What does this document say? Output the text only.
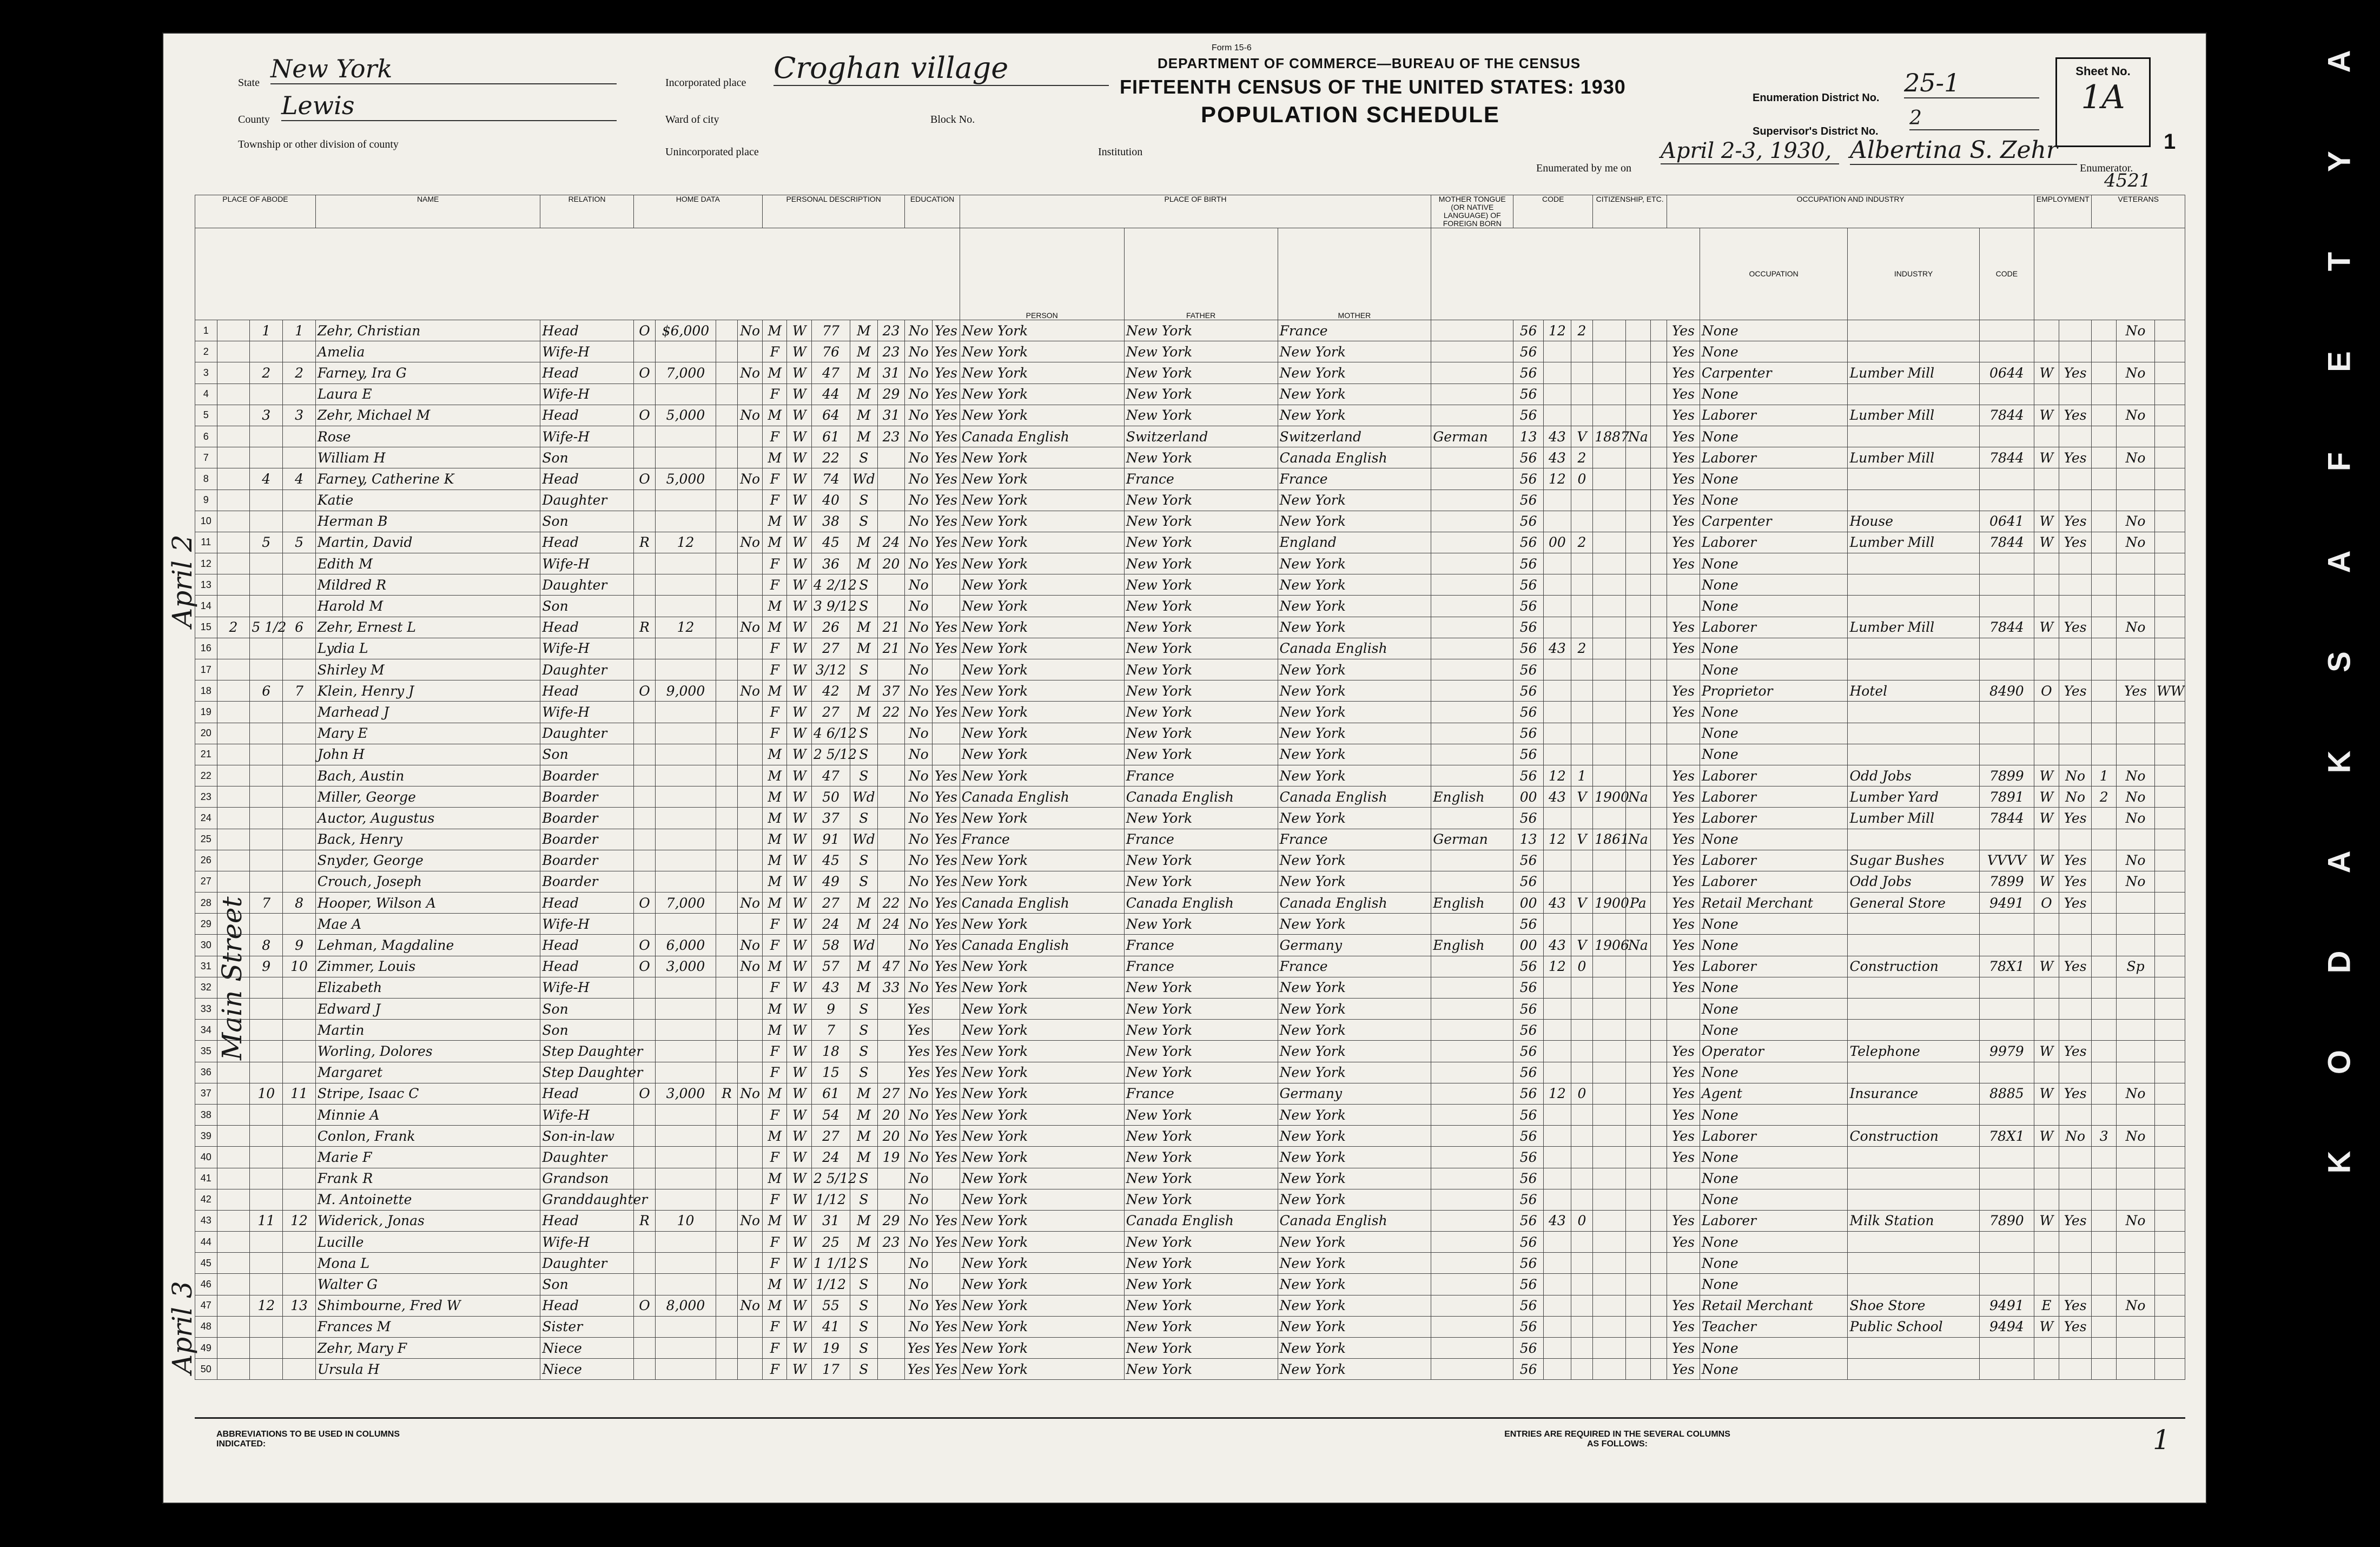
Form 15-6
DEPARTMENT OF COMMERCE—BUREAU OF THE CENSUS
FIFTEENTH CENSUS OF THE UNITED STATES: 1930
POPULATION SCHEDULE
State New York
County Lewis
Township or other division of county
Incorporated place Croghan village
Ward of city	Block No.
Unincorporated place	Institution
Enumeration District No.
25-1
Supervisor's District No.
2
Sheet No.
1A
1
Enumerated by me on
April 2-3, 1930, Albertina S. Zehr
Enumerator.
4521
April 2
April 3
Main Street
PLACE OF ABODE				NAME	RELATION	HOME DATA				PERSONAL DESCRIPTION					EDUCATION		PLACE OF BIRTH			MOTHER TONGUE (OR NATIVE LANGUAGE) OF FOREIGN BORN	CODE			CITIZENSHIP, ETC.			OCCUPATION AND INDUSTRY				EMPLOYMENT		VETERANS		
																	PERSON	FATHER	MOTHER									OCCUPATION	INDUSTRY	CODE					
1		1	1	Zehr, Christian	Head	O	$6,000		No	M	W	77	M	23	No	Yes	New York	New York	France		56	12	2				Yes	None						No	
2				Amelia	Wife-H					F	W	76	M	23	No	Yes	New York	New York	New York		56						Yes	None							
3		2	2	Farney, Ira G	Head	O	7,000		No	M	W	47	M	31	No	Yes	New York	New York	New York		56						Yes	Carpenter	Lumber Mill	0644	W	Yes		No	
4				Laura E	Wife-H					F	W	44	M	29	No	Yes	New York	New York	New York		56						Yes	None							
5		3	3	Zehr, Michael M	Head	O	5,000		No	M	W	64	M	31	No	Yes	New York	New York	New York		56						Yes	Laborer	Lumber Mill	7844	W	Yes		No	
6				Rose	Wife-H					F	W	61	M	23	No	Yes	Canada English	Switzerland	Switzerland	German	13	43	V	1887	Na		Yes	None							
7				William H	Son					M	W	22	S		No	Yes	New York	New York	Canada English		56	43	2				Yes	Laborer	Lumber Mill	7844	W	Yes		No	
8		4	4	Farney, Catherine K	Head	O	5,000		No	F	W	74	Wd		No	Yes	New York	France	France		56	12	0				Yes	None							
9				Katie	Daughter					F	W	40	S		No	Yes	New York	New York	New York		56						Yes	None							
10				Herman B	Son					M	W	38	S		No	Yes	New York	New York	New York		56						Yes	Carpenter	House	0641	W	Yes		No	
11		5	5	Martin, David	Head	R	12		No	M	W	45	M	24	No	Yes	New York	New York	England		56	00	2				Yes	Laborer	Lumber Mill	7844	W	Yes		No	
12				Edith M	Wife-H					F	W	36	M	20	No	Yes	New York	New York	New York		56						Yes	None							
13				Mildred R	Daughter					F	W	4 2/12	S		No		New York	New York	New York		56							None							
14				Harold M	Son					M	W	3 9/12	S		No		New York	New York	New York		56							None							
15	2	5 1/2	6	Zehr, Ernest L	Head	R	12		No	M	W	26	M	21	No	Yes	New York	New York	New York		56						Yes	Laborer	Lumber Mill	7844	W	Yes		No	
16				Lydia L	Wife-H					F	W	27	M	21	No	Yes	New York	New York	Canada English		56	43	2				Yes	None							
17				Shirley M	Daughter					F	W	3/12	S		No		New York	New York	New York		56							None							
18		6	7	Klein, Henry J	Head	O	9,000		No	M	W	42	M	37	No	Yes	New York	New York	New York		56						Yes	Proprietor	Hotel	8490	O	Yes		Yes	WW
19				Marhead J	Wife-H					F	W	27	M	22	No	Yes	New York	New York	New York		56						Yes	None							
20				Mary E	Daughter					F	W	4 6/12	S		No		New York	New York	New York		56							None							
21				John H	Son					M	W	2 5/12	S		No		New York	New York	New York		56							None							
22				Bach, Austin	Boarder					M	W	47	S		No	Yes	New York	France	New York		56	12	1				Yes	Laborer	Odd Jobs	7899	W	No	1	No	
23				Miller, George	Boarder					M	W	50	Wd		No	Yes	Canada English	Canada English	Canada English	English	00	43	V	1900	Na		Yes	Laborer	Lumber Yard	7891	W	No	2	No	
24				Auctor, Augustus	Boarder					M	W	37	S		No	Yes	New York	New York	New York		56						Yes	Laborer	Lumber Mill	7844	W	Yes		No	
25				Back, Henry	Boarder					M	W	91	Wd		No	Yes	France	France	France	German	13	12	V	1861	Na		Yes	None							
26				Snyder, George	Boarder					M	W	45	S		No	Yes	New York	New York	New York		56						Yes	Laborer	Sugar Bushes	VVVV	W	Yes		No	
27				Crouch, Joseph	Boarder					M	W	49	S		No	Yes	New York	New York	New York		56						Yes	Laborer	Odd Jobs	7899	W	Yes		No	
28		7	8	Hooper, Wilson A	Head	O	7,000		No	M	W	27	M	22	No	Yes	Canada English	Canada English	Canada English	English	00	43	V	1900	Pa		Yes	Retail Merchant	General Store	9491	O	Yes			
29				Mae A	Wife-H					F	W	24	M	24	No	Yes	New York	New York	New York		56						Yes	None							
30		8	9	Lehman, Magdaline	Head	O	6,000		No	F	W	58	Wd		No	Yes	Canada English	France	Germany	English	00	43	V	1906	Na		Yes	None							
31		9	10	Zimmer, Louis	Head	O	3,000		No	M	W	57	M	47	No	Yes	New York	France	France		56	12	0				Yes	Laborer	Construction	78X1	W	Yes		Sp	
32				Elizabeth	Wife-H					F	W	43	M	33	No	Yes	New York	New York	New York		56						Yes	None							
33				Edward J	Son					M	W	9	S		Yes		New York	New York	New York		56							None							
34				Martin	Son					M	W	7	S		Yes		New York	New York	New York		56							None							
35				Worling, Dolores	Step Daughter					F	W	18	S		Yes	Yes	New York	New York	New York		56						Yes	Operator	Telephone	9979	W	Yes			
36				Margaret	Step Daughter					F	W	15	S		Yes	Yes	New York	New York	New York		56						Yes	None							
37		10	11	Stripe, Isaac C	Head	O	3,000	R	No	M	W	61	M	27	No	Yes	New York	France	Germany		56	12	0				Yes	Agent	Insurance	8885	W	Yes		No	
38				Minnie A	Wife-H					F	W	54	M	20	No	Yes	New York	New York	New York		56						Yes	None							
39				Conlon, Frank	Son-in-law					M	W	27	M	20	No	Yes	New York	New York	New York		56						Yes	Laborer	Construction	78X1	W	No	3	No	
40				Marie F	Daughter					F	W	24	M	19	No	Yes	New York	New York	New York		56						Yes	None							
41				Frank R	Grandson					M	W	2 5/12	S		No		New York	New York	New York		56							None							
42				M. Antoinette	Granddaughter					F	W	1/12	S		No		New York	New York	New York		56							None							
43		11	12	Widerick, Jonas	Head	R	10		No	M	W	31	M	29	No	Yes	New York	Canada English	Canada English		56	43	0				Yes	Laborer	Milk Station	7890	W	Yes		No	
44				Lucille	Wife-H					F	W	25	M	23	No	Yes	New York	New York	New York		56						Yes	None							
45				Mona L	Daughter					F	W	1 1/12	S		No		New York	New York	New York		56							None							
46				Walter G	Son					M	W	1/12	S		No		New York	New York	New York		56							None							
47		12	13	Shimbourne, Fred W	Head	O	8,000		No	M	W	55	S		No	Yes	New York	New York	New York		56						Yes	Retail Merchant	Shoe Store	9491	E	Yes		No	
48				Frances M	Sister					F	W	41	S		No	Yes	New York	New York	New York		56						Yes	Teacher	Public School	9494	W	Yes			
49				Zehr, Mary F	Niece					F	W	19	S		Yes	Yes	New York	New York	New York		56						Yes	None							
50				Ursula H	Niece					F	W	17	S		Yes	Yes	New York	New York	New York		56						Yes	None							
ABBREVIATIONS TO BE USED IN COLUMNS INDICATED:
ENTRIES ARE REQUIRED IN THE SEVERAL COLUMNS AS FOLLOWS:	1
A
Y
T
E
F
A
S
K
A
D
O
K
